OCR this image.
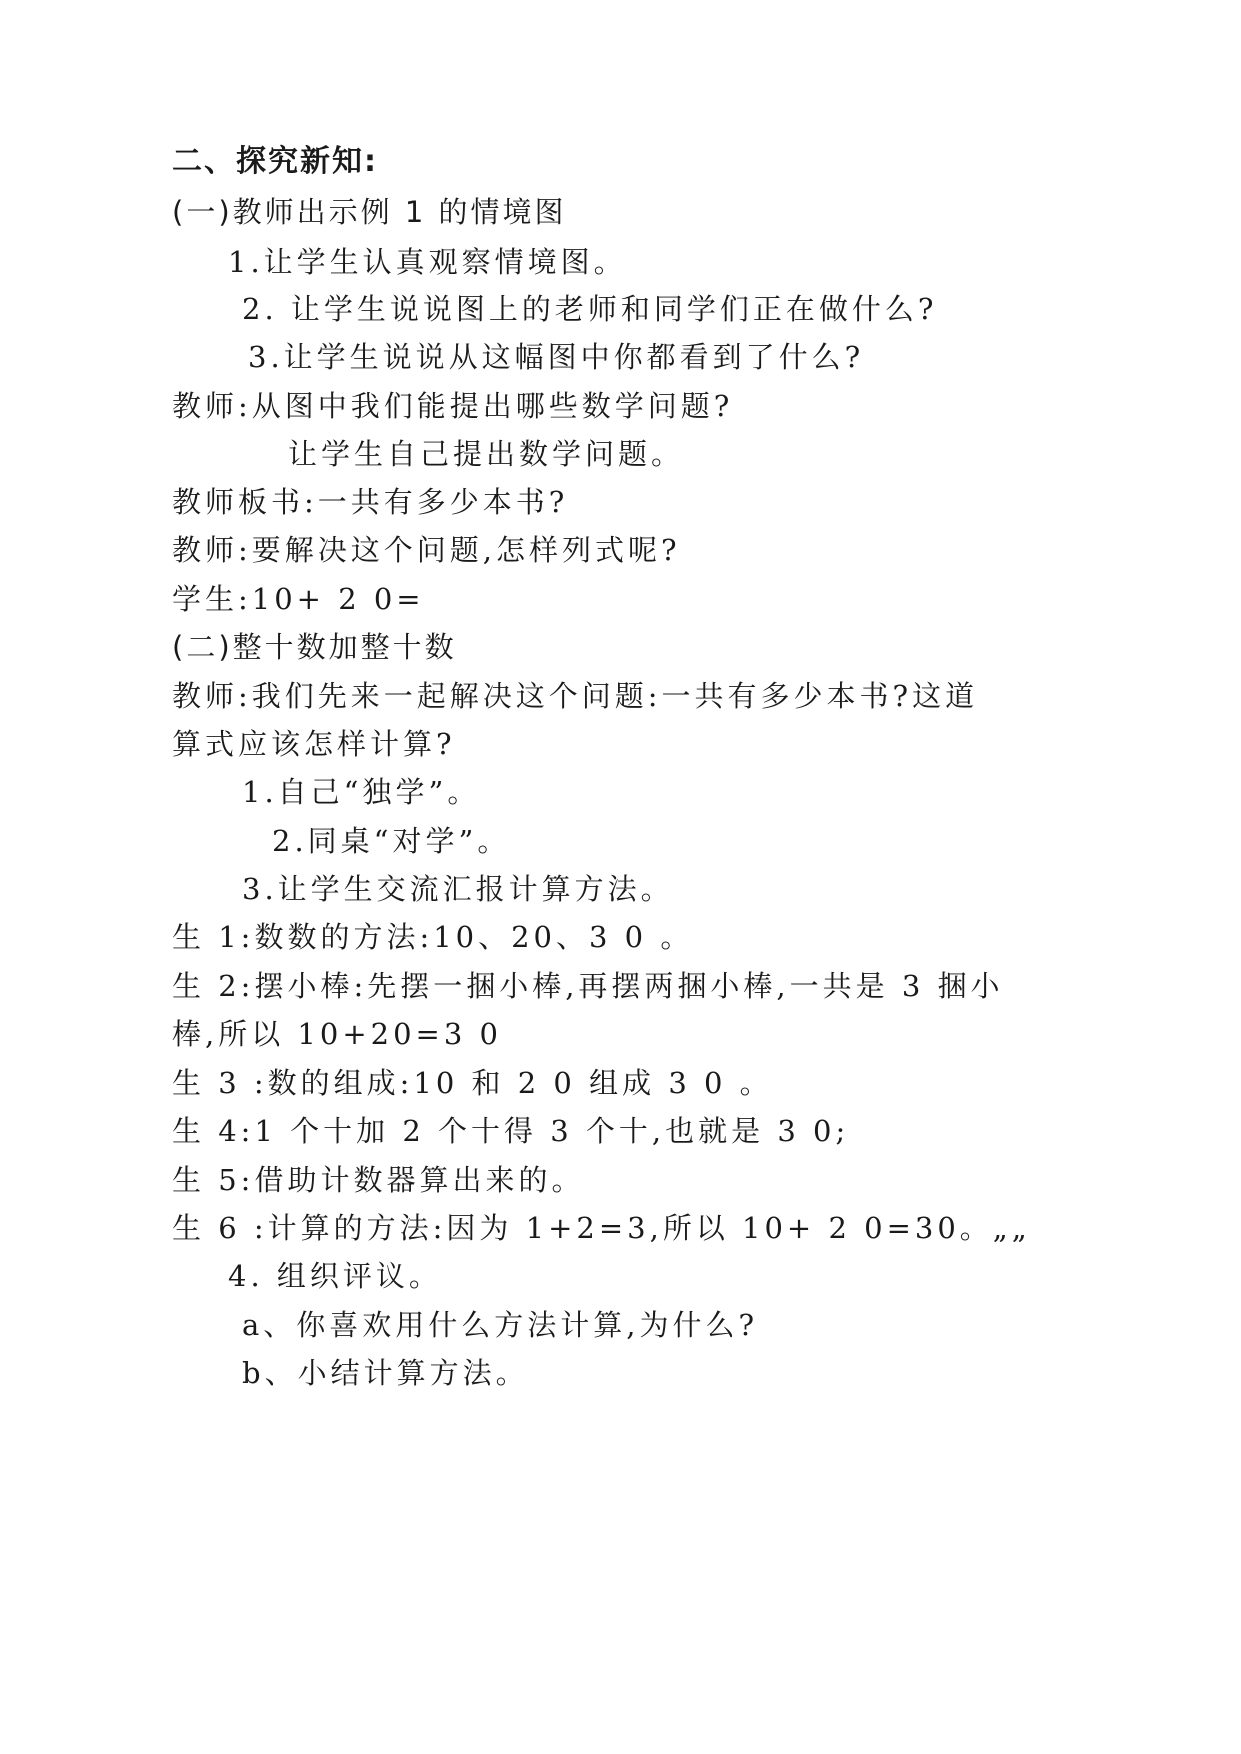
二、探究新知:
(一)教师出示例 1 的情境图
1.让学生认真观察情境图。
2. 让学生说说图上的老师和同学们正在做什么?
3.让学生说说从这幅图中你都看到了什么?
教师:从图中我们能提出哪些数学问题?
让学生自己提出数学问题。
教师板书:一共有多少本书?
教师:要解决这个问题,怎样列式呢?
学生:10+ 2 0=
(二)整十数加整十数
教师:我们先来一起解决这个问题:一共有多少本书?这道
算式应该怎样计算?
1.自己“独学”。
2.同桌“对学”。
3.让学生交流汇报计算方法。
生 1:数数的方法:10、20、3 0 。
生 2:摆小棒:先摆一捆小棒,再摆两捆小棒,一共是 3 捆小
棒,所以 10+20=3 0
生 3 :数的组成:10 和 2 0 组成 3 0 。
生 4:1 个十加 2 个十得 3 个十,也就是 3 0;
生 5:借助计数器算出来的。
生 6 :计算的方法:因为 1+2=3,所以 10+ 2 0=30。„„
4. 组织评议。
a、你喜欢用什么方法计算,为什么?
b、小结计算方法。
